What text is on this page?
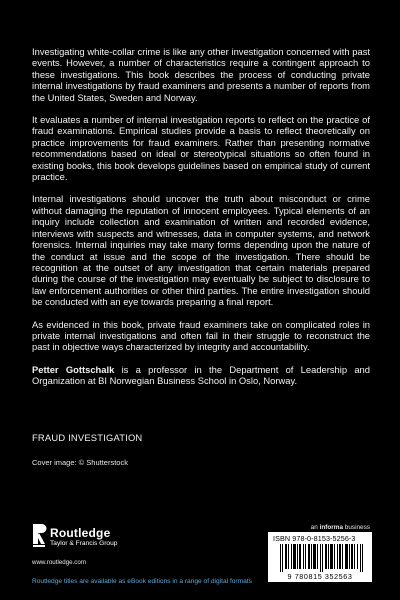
Investigating white-collar crime is like any other investigation concerned with past events. However, a number of characteristics require a contingent approach to these investigations. This book describes the process of conducting private internal investigations by fraud examiners and presents a number of reports from the United States, Sweden and Norway.

It evaluates a number of internal investigation reports to reflect on the practice of fraud examinations. Empirical studies provide a basis to reflect theoretically on practice improvements for fraud examiners. Rather than presenting normative recommendations based on ideal or stereotypical situations so often found in existing books, this book develops guidelines based on empirical study of current practice.

Internal investigations should uncover the truth about misconduct or crime without damaging the reputation of innocent employees. Typical elements of an inquiry include collection and examination of written and recorded evidence, interviews with suspects and witnesses, data in computer systems, and network forensics. Internal inquiries may take many forms depending upon the nature of the conduct at issue and the scope of the investigation. There should be recognition at the outset of any investigation that certain materials prepared during the course of the investigation may eventually be subject to disclosure to law enforcement authorities or other third parties. The entire investigation should be conducted with an eye towards preparing a final report.

As evidenced in this book, private fraud examiners take on complicated roles in private internal investigations and often fail in their struggle to reconstruct the past in objective ways characterized by integrity and accountability.

Petter Gottschalk is a professor in the Department of Leadership and Organization at BI Norwegian Business School in Oslo, Norway.

FRAUD INVESTIGATION
Cover image: © Shutterstock
Routledge
Taylor & Francis Group
www.routledge.com
Routledge titles are available as eBook editions in a range of digital formats
an informa business
ISBN 978-0-8153-5256-3
9 780815 352563
